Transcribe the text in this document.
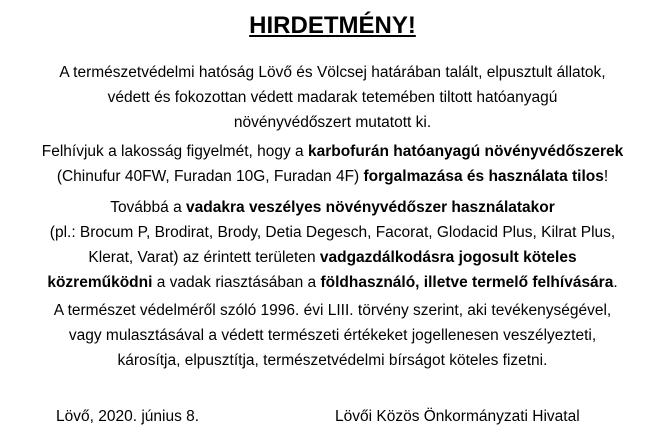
HIRDETMÉNY!
A természetvédelmi hatóság Lövő és Völcsej határában talált, elpusztult állatok,
védett és fokozottan védett madarak tetemében tiltott hatóanyagú
növényvédőszert mutatott ki.
Felhívjuk a lakosság figyelmét, hogy a karbofurán hatóanyagú növényvédőszerek
(Chinufur 40FW, Furadan 10G, Furadan 4F) forgalmazása és használata tilos!
Továbbá a vadakra veszélyes növényvédőszer használatakor
(pl.: Brocum P, Brodirat, Brody, Detia Degesch, Facorat, Glodacid Plus, Kilrat Plus,
Klerat, Varat) az érintett területen vadgazdálkodásra jogosult köteles
közreműködni a vadak riasztásában a földhasználó, illetve termelő felhívására.
A természet védelméről szóló 1996. évi LIII. törvény szerint, aki tevékenységével,
vagy mulasztásával a védett természeti értékeket jogellenesen veszélyezteti,
károsítja, elpusztítja, természetvédelmi bírságot köteles fizetni.
Lövő, 2020. június 8.	Lövői Közös Önkormányzati Hivatal
